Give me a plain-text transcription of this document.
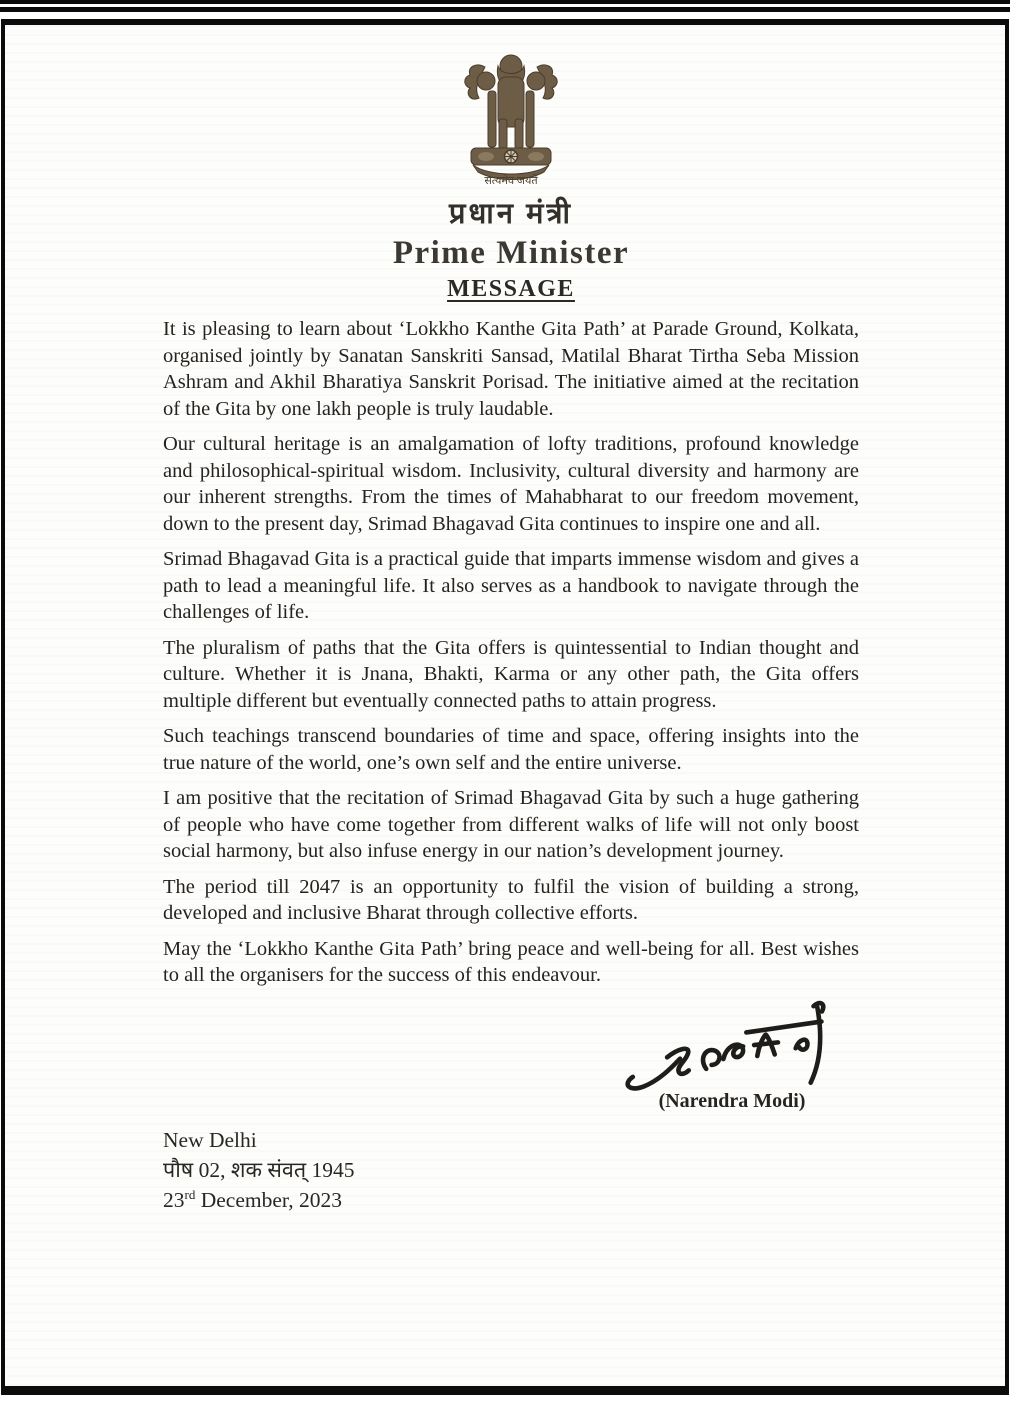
सत्यमेव जयते
प्रधान मंत्री
Prime Minister
MESSAGE

It is pleasing to learn about ‘Lokkho Kanthe Gita Path’ at Parade Ground, Kolkata, organised jointly by Sanatan Sanskriti Sansad, Matilal Bharat Tirtha Seba Mission Ashram and Akhil Bharatiya Sanskrit Porisad. The initiative aimed at the recitation of the Gita by one lakh people is truly laudable.

Our cultural heritage is an amalgamation of lofty traditions, profound knowledge and philosophical-spiritual wisdom. Inclusivity, cultural diversity and harmony are our inherent strengths. From the times of Mahabharat to our freedom movement, down to the present day, Srimad Bhagavad Gita continues to inspire one and all.

Srimad Bhagavad Gita is a practical guide that imparts immense wisdom and gives a path to lead a meaningful life. It also serves as a handbook to navigate through the challenges of life.

The pluralism of paths that the Gita offers is quintessential to Indian thought and culture. Whether it is Jnana, Bhakti, Karma or any other path, the Gita offers multiple different but eventually connected paths to attain progress.

Such teachings transcend boundaries of time and space, offering insights into the true nature of the world, one’s own self and the entire universe.

I am positive that the recitation of Srimad Bhagavad Gita by such a huge gathering of people who have come together from different walks of life will not only boost social harmony, but also infuse energy in our nation’s development journey.

The period till 2047 is an opportunity to fulfil the vision of building a strong, developed and inclusive Bharat through collective efforts.

May the ‘Lokkho Kanthe Gita Path’ bring peace and well-being for all. Best wishes to all the organisers for the success of this endeavour.

(Narendra Modi)
New Delhi
पौष 02, शक संवत् 1945
23rd December, 2023
